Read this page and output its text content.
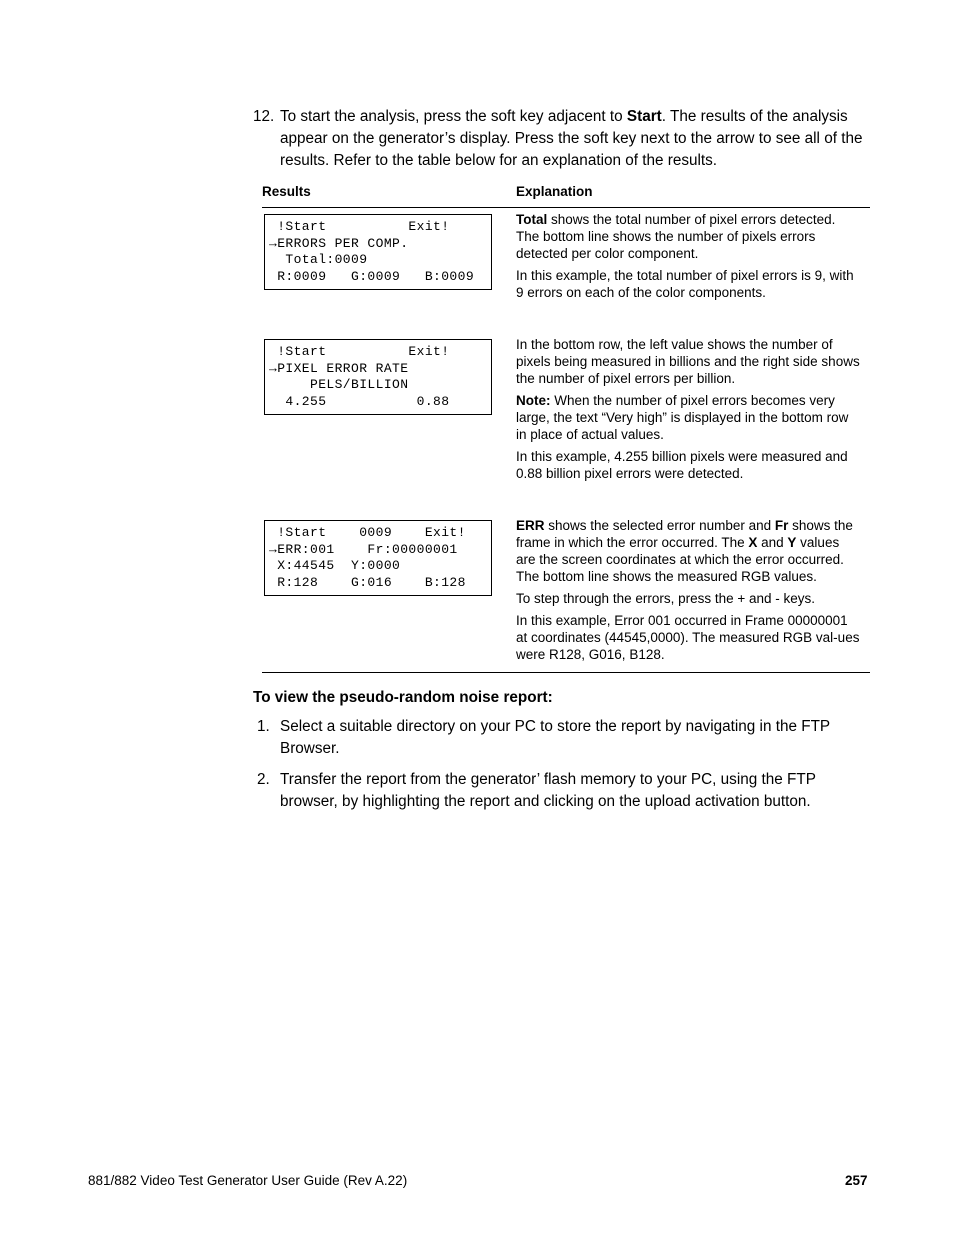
12. To start the analysis, press the soft key adjacent to Start. The results of the analysis appear on the generator’s display. Press the soft key next to the arrow to see all of the results. Refer to the table below for an explanation of the results.
Results	Explanation
!Start          Exit!
→ERRORS PER COMP.
Total:0009
R:0009   G:0009   B:0009

Total shows the total number of pixel errors detected. The bottom line shows the number of pixels errors detected per color component.

In this example, the total number of pixel errors is 9, with 9 errors on each of the color components.

!Start          Exit!
→PIXEL ERROR RATE
PELS/BILLION
4.255           0.88

In the bottom row, the left value shows the number of pixels being measured in billions and the right side shows the number of pixel errors per billion.

Note: When the number of pixel errors becomes very large, the text “Very high” is displayed in the bottom row in place of actual values.

In this example, 4.255 billion pixels were measured and 0.88 billion pixel errors were detected.

!Start    0009    Exit!
→ERR:001    Fr:00000001
X:44545  Y:0000
R:128    G:016    B:128

ERR shows the selected error number and Fr shows the frame in which the error occurred. The X and Y values are the screen coordinates at which the error occurred. The bottom line shows the measured RGB values.

To step through the errors, press the + and - keys.

In this example, Error 001 occurred in Frame 00000001 at coordinates (44545,0000). The measured RGB val-ues were R128, G016, B128.

To view the pseudo-random noise report:
1. Select a suitable directory on your PC to store the report by navigating in the FTP Browser.
2. Transfer the report from the generator’ flash memory to your PC, using the FTP browser, by highlighting the report and clicking on the upload activation button.
881/882 Video Test Generator User Guide (Rev A.22)	257
